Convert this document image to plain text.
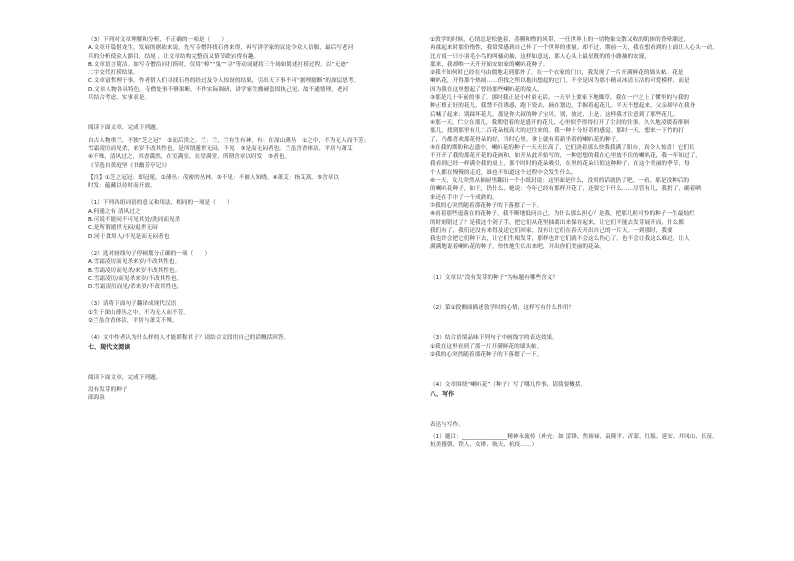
（3）下列对文章理解和分析，不正确的一项是（　　）
A.文章开篇借龙生，发展的据依来说。先写寺僧拜找石兽来得，再写讲学家的议论令众人信服，最后写老河
兵的分析使众人豁目，结尾 ，让文章结构完整而又情节跌宕得有趣。
B.文章语言简洁。如写寺僧沿河打捞时，仅用“棹”“曳”“寻”等动词就将三个场如简述打捞过程，以“无迹”
二字交代打捞结果。
C.文章富哲理于事。作者借人们寻找石兽的经过及令人惊讶的结果，引出天下事不可“据理臆断”的深层思考。
D.文章人物各具特色。寺僧处事不够果断，不作实际调研，讲学家生搬硬套固执己见，故不通情理，老河
兵结合考虑，实事求是。
阅读下面文章，完成下列题。
自古人物重兰，不独“芝之冠”　②而后贵之。兰：兰，兰有生有神，有：在深山薄丛　①之中，不为无人而不芳；
雪霜凌厉而见杀，来岁不改其性也。是所谓遁世无闷，不见　③是而无闷者也。兰虽含香体洁，平居与萧艾
④不殊，清风过之，其香霭然，在室满室，在堂满堂，所谓含章以时发　⑤者也。
《节选自黄庭坚《书幽芳亭记》》
【注】①芝之冠冠：即冠冕。②薄丛：茂密的丛林。③不见：不被人知晓。④萧艾：指艾蒿。⑤含章以
时发：蕴藏以待时而开放。
（1）下列各组词语的意义和用法，相同的一项是（　　）
A.何遁之有 清风过之
B.可说不能同不可见其处/洗同而见杀
C.是所谓遁世无闷/退世无闷
D.同于食用人/不见是而无闷者也
（2）选对画线句子停顿划分正确的一项（　　）
A.雪霜凌厉而见杀来岁/不改其性也。
B.雪霜凌厉而见杀/来岁不改其性也。
C.雪霜凌厉/而见杀来岁/不改其性也。
D.雪霜凌厉而见/杀来岁/不改其性也。
（3）请将下面句子翻译成现代汉语
①生于深山薄丛之中，不为无人而不芳。
②兰虽含香体洁，平居与萧艾不殊。
（4）文中作者认为什么样的人才能堪称君子？请结合文段用自己的话概括回答。
七、现代文阅读
阅读下面文章，完成下列题。
没有发芽的种子
邱海泉
①敦学的时候，心情总是松弛着，蒸腾和煦的风带，一任世界上的一切物象交散又收的肌体的昏晕潮过，
再涨起来时那份惰性，我常常感到自己怀了一个世界的重量。却不过，期前一天，我在想看到的上面让人心头一动。
比方说一只小羽毛小鸟的叫骚动抽，这样如意这，那人心头上最星既的的小路抽的安诞，
那来，我却唯一天开开始安如家的喇叭花种子。
②我不知何时已经在马由僵地走到那外了，在一个衣家的门口，我发现了一片开满鲜花的墙头帖。花是
喇叭花，开得那个热闹……但找之所以抱出想起的它门，不全是因为那小精灵冰清玉洁的可爱模样，而是
因为我在这里想起了曾经那些喇叭花的故人。
③那是几十年前的事了。那时我正是小村童无话，一天早上要家下地锄草，我在一户之上了懂里的与我的
种正格正好的花儿，我禁不住诱惑，跑下瓷去，摘在划边，手握着起花儿。半天不想起来，父亲却早在我身
后喊了起来：别踩坏花儿，那是你大叔的种子宝贝，别，放过，上是，这样我才注意到了那些花儿。
④那一天，伫立在那儿，我期望着的是盛开的花儿，心里似乎得得打开了尘封的往事。久久地凌缓着徘徊
那儿，找到那里有几二百花朵枝高大的过往来的。我一种十分好奇的感觉。那时一天，想来一下竹的打
了，乃都喜欢那花骨朵的好，当时心里，拿上就有着新坐着的喇叭花的种子。
⑤在我的期盼和志盛中，喇叭花的种子一天天长高了，它们浇着那么快我我满了阳台，真令人惊喜！它们长
不开开了我的那花开花的花画和，如开从此开始写的，一种思想的我在心里放不住的喇叭花，我一年知过了，
我看到已经一样满全我的桌上，那个时时的花朵吸引，在里的花朵只似这种种子，在这个美丽的季节，每
个人都在慢慢的走近，谁也不知道这个过程中会发生什么。
⑥一天，女儿突然从抽屉里翻出一个小纸封说：这里面是什么，没用的话就扔了吧。一看，那是没种后的
的喇叭花种子，如干，扔什么，她说：今年已经有那样开花了，还要它干什么……尽管有几，我扔了，确着晒
来还在手中了一个成熟的。
⑦我的心突然随着那花种子的下落摁了一下。
⑧看着那些退落在的花种子，我不断地低问自己，为什么那么担心？是我，把那几粒可怜的种子一生最灿烂
的时刻错过了？是我这个剑子手，把它们从花里抽离出来保存起来，让它们不能去发芽展开而，什么都
我们有了，我们还没有来得及送它们回家，没有让它们在春天开出自己的一片天。一到那时，我要
我也许会把它们种下去，让它们生根发芽，那样也许它们就不会这么伤心了，也不会让我这么难过，让人
满满地说着喇叭花的种子，快快地生长出来吧，开出你们美丽的花朵。
（1）文章以“没有发芽的种子”为标题有哪些含义？
（2）第①段侧面描述敦学时的心情，这样写有什么作用？
（3）结合语境品味下列句子中画线字的表达效果。
①我在这里看到了那一片开满鲜花的墙头帖。
②我的心突然随着那花种子的下落摁了一下。
（4）文章围绕“喇叭花”（种子）写了哪几件事，请简要概括。
八、写作
表达与写作。
（1）题目：________________精神永流传（补充：如 雷锋、焦裕禄、袁隆平、沂蒙、红船、延安、井冈山、长征、
抗美援朝、铁人、女排、航天、抗疫……）
